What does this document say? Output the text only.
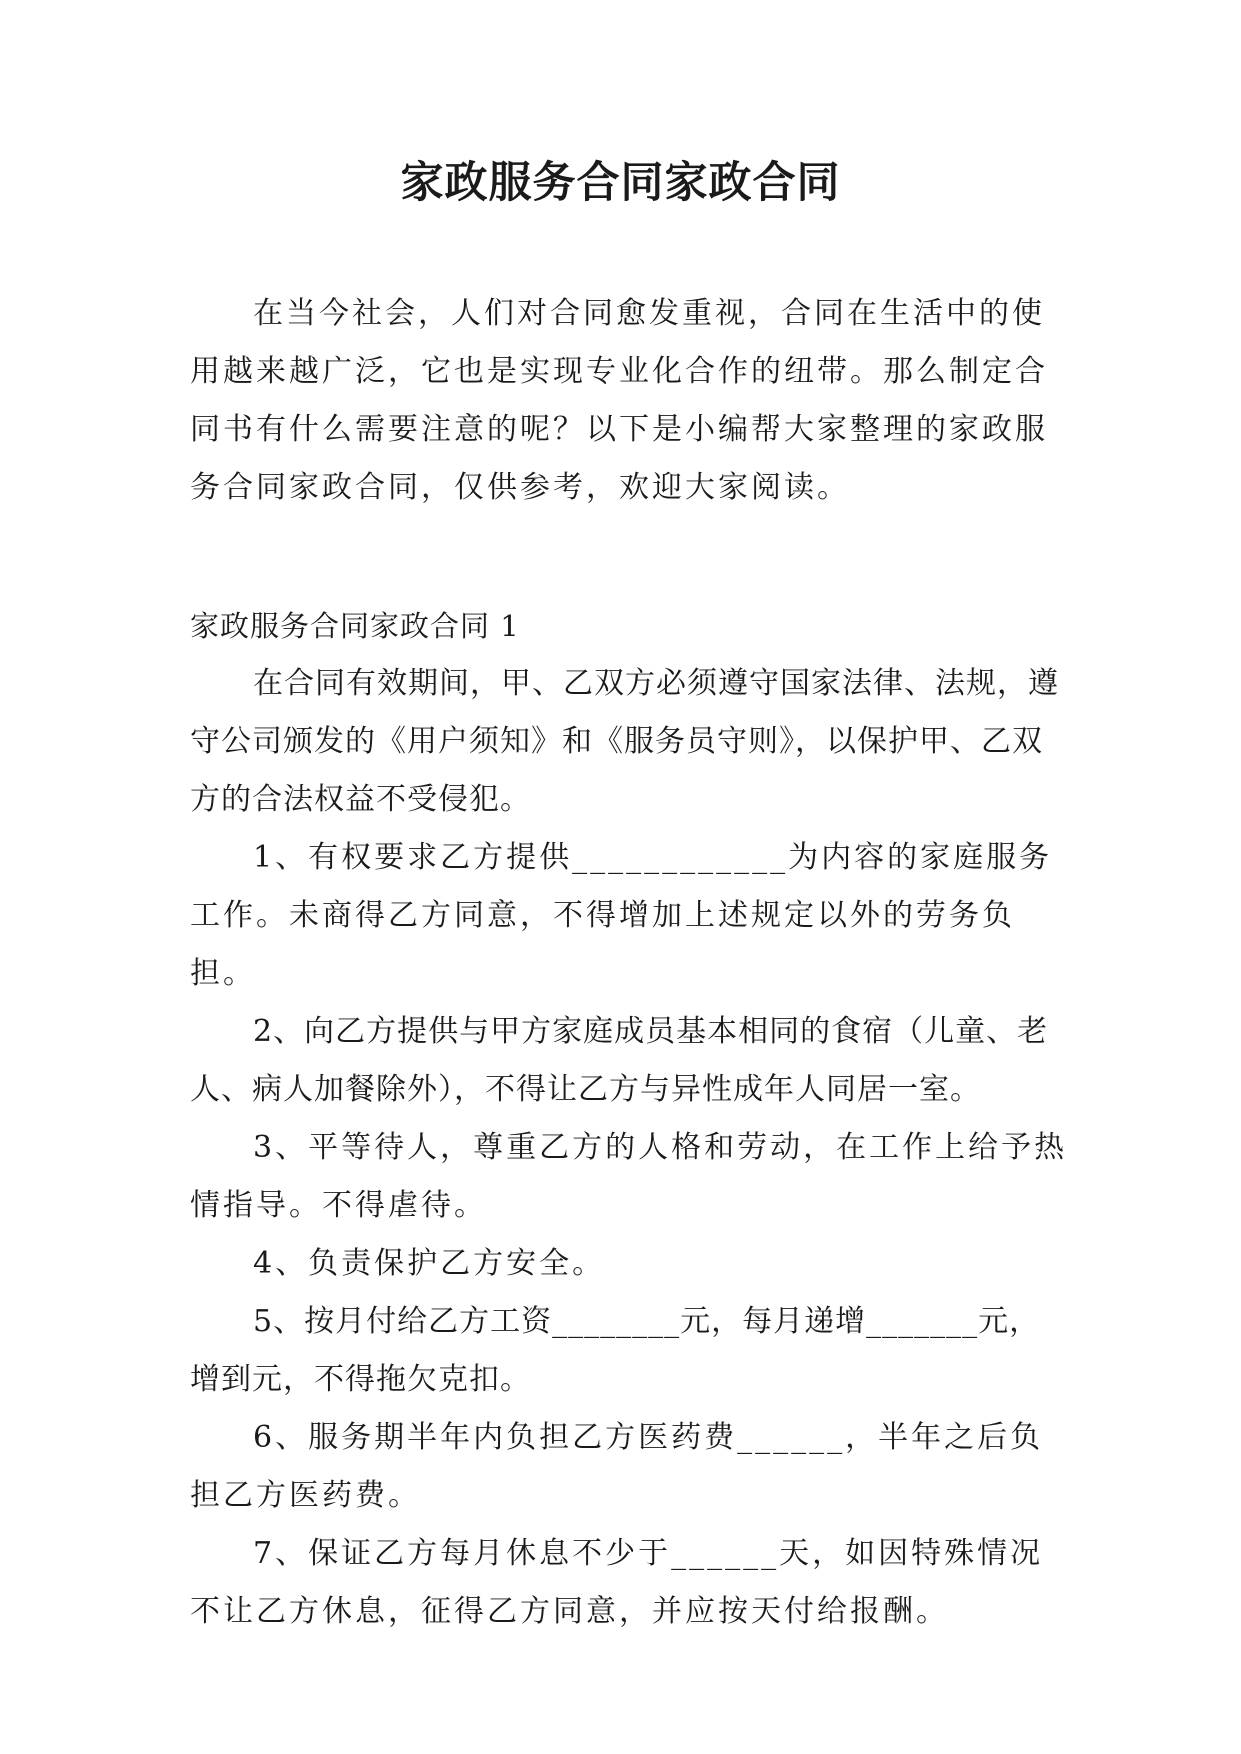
家政服务合同家政合同

在当今社会，人们对合同愈发重视，合同在生活中的使用越来越广泛，它也是实现专业化合作的纽带。那么制定合同书有什么需要注意的呢？以下是小编帮大家整理的家政服务合同家政合同，仅供参考，欢迎大家阅读。

家政服务合同家政合同 1

在合同有效期间，甲、乙双方必须遵守国家法律、法规，遵守公司颁发的《用户须知》和《服务员守则》，以保护甲、乙双方的合法权益不受侵犯。

1、有权要求乙方提供____________为内容的家庭服务工作。未商得乙方同意，不得增加上述规定以外的劳务负担。

2、向乙方提供与甲方家庭成员基本相同的食宿（儿童、老人、病人加餐除外），不得让乙方与异性成年人同居一室。

3、平等待人，尊重乙方的人格和劳动，在工作上给予热情指导。不得虐待。

4、负责保护乙方安全。

5、按月付给乙方工资________元，每月递增_______元，增到元，不得拖欠克扣。

6、服务期半年内负担乙方医药费______，半年之后负担乙方医药费。

7、保证乙方每月休息不少于______天，如因特殊情况不让乙方休息，征得乙方同意，并应按天付给报酬。
